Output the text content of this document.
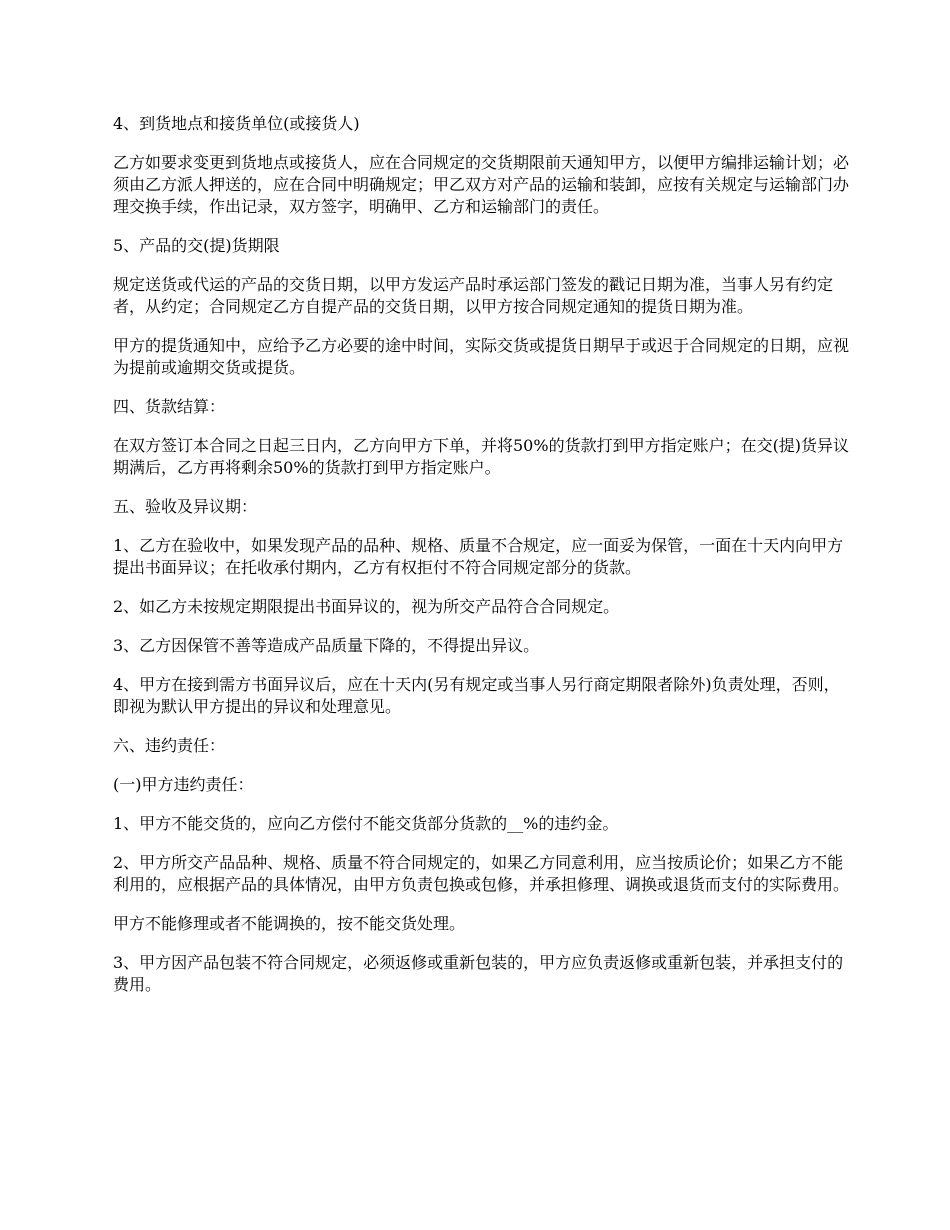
4、到货地点和接货单位(或接货人)

乙方如要求变更到货地点或接货人，应在合同规定的交货期限前天通知甲方，以便甲方编排运输计划；必须由乙方派人押送的，应在合同中明确规定；甲乙双方对产品的运输和装卸，应按有关规定与运输部门办理交换手续，作出记录，双方签字，明确甲、乙方和运输部门的责任。

5、产品的交(提)货期限

规定送货或代运的产品的交货日期，以甲方发运产品时承运部门签发的戳记日期为准，当事人另有约定者，从约定；合同规定乙方自提产品的交货日期，以甲方按合同规定通知的提货日期为准。

甲方的提货通知中，应给予乙方必要的途中时间，实际交货或提货日期早于或迟于合同规定的日期，应视为提前或逾期交货或提货。

四、货款结算：

在双方签订本合同之日起三日内，乙方向甲方下单，并将50%的货款打到甲方指定账户；在交(提)货异议期满后，乙方再将剩余50%的货款打到甲方指定账户。

五、验收及异议期：

1、乙方在验收中，如果发现产品的品种、规格、质量不合规定，应一面妥为保管，一面在十天内向甲方提出书面异议；在托收承付期内，乙方有权拒付不符合同规定部分的货款。

2、如乙方未按规定期限提出书面异议的，视为所交产品符合合同规定。

3、乙方因保管不善等造成产品质量下降的，不得提出异议。

4、甲方在接到需方书面异议后，应在十天内(另有规定或当事人另行商定期限者除外)负责处理，否则，即视为默认甲方提出的异议和处理意见。

六、违约责任：

(一)甲方违约责任：

1、甲方不能交货的，应向乙方偿付不能交货部分货款的__%的违约金。

2、甲方所交产品品种、规格、质量不符合同规定的，如果乙方同意利用，应当按质论价；如果乙方不能利用的，应根据产品的具体情况，由甲方负责包换或包修，并承担修理、调换或退货而支付的实际费用。

甲方不能修理或者不能调换的，按不能交货处理。

3、甲方因产品包装不符合同规定，必须返修或重新包装的，甲方应负责返修或重新包装，并承担支付的费用。
